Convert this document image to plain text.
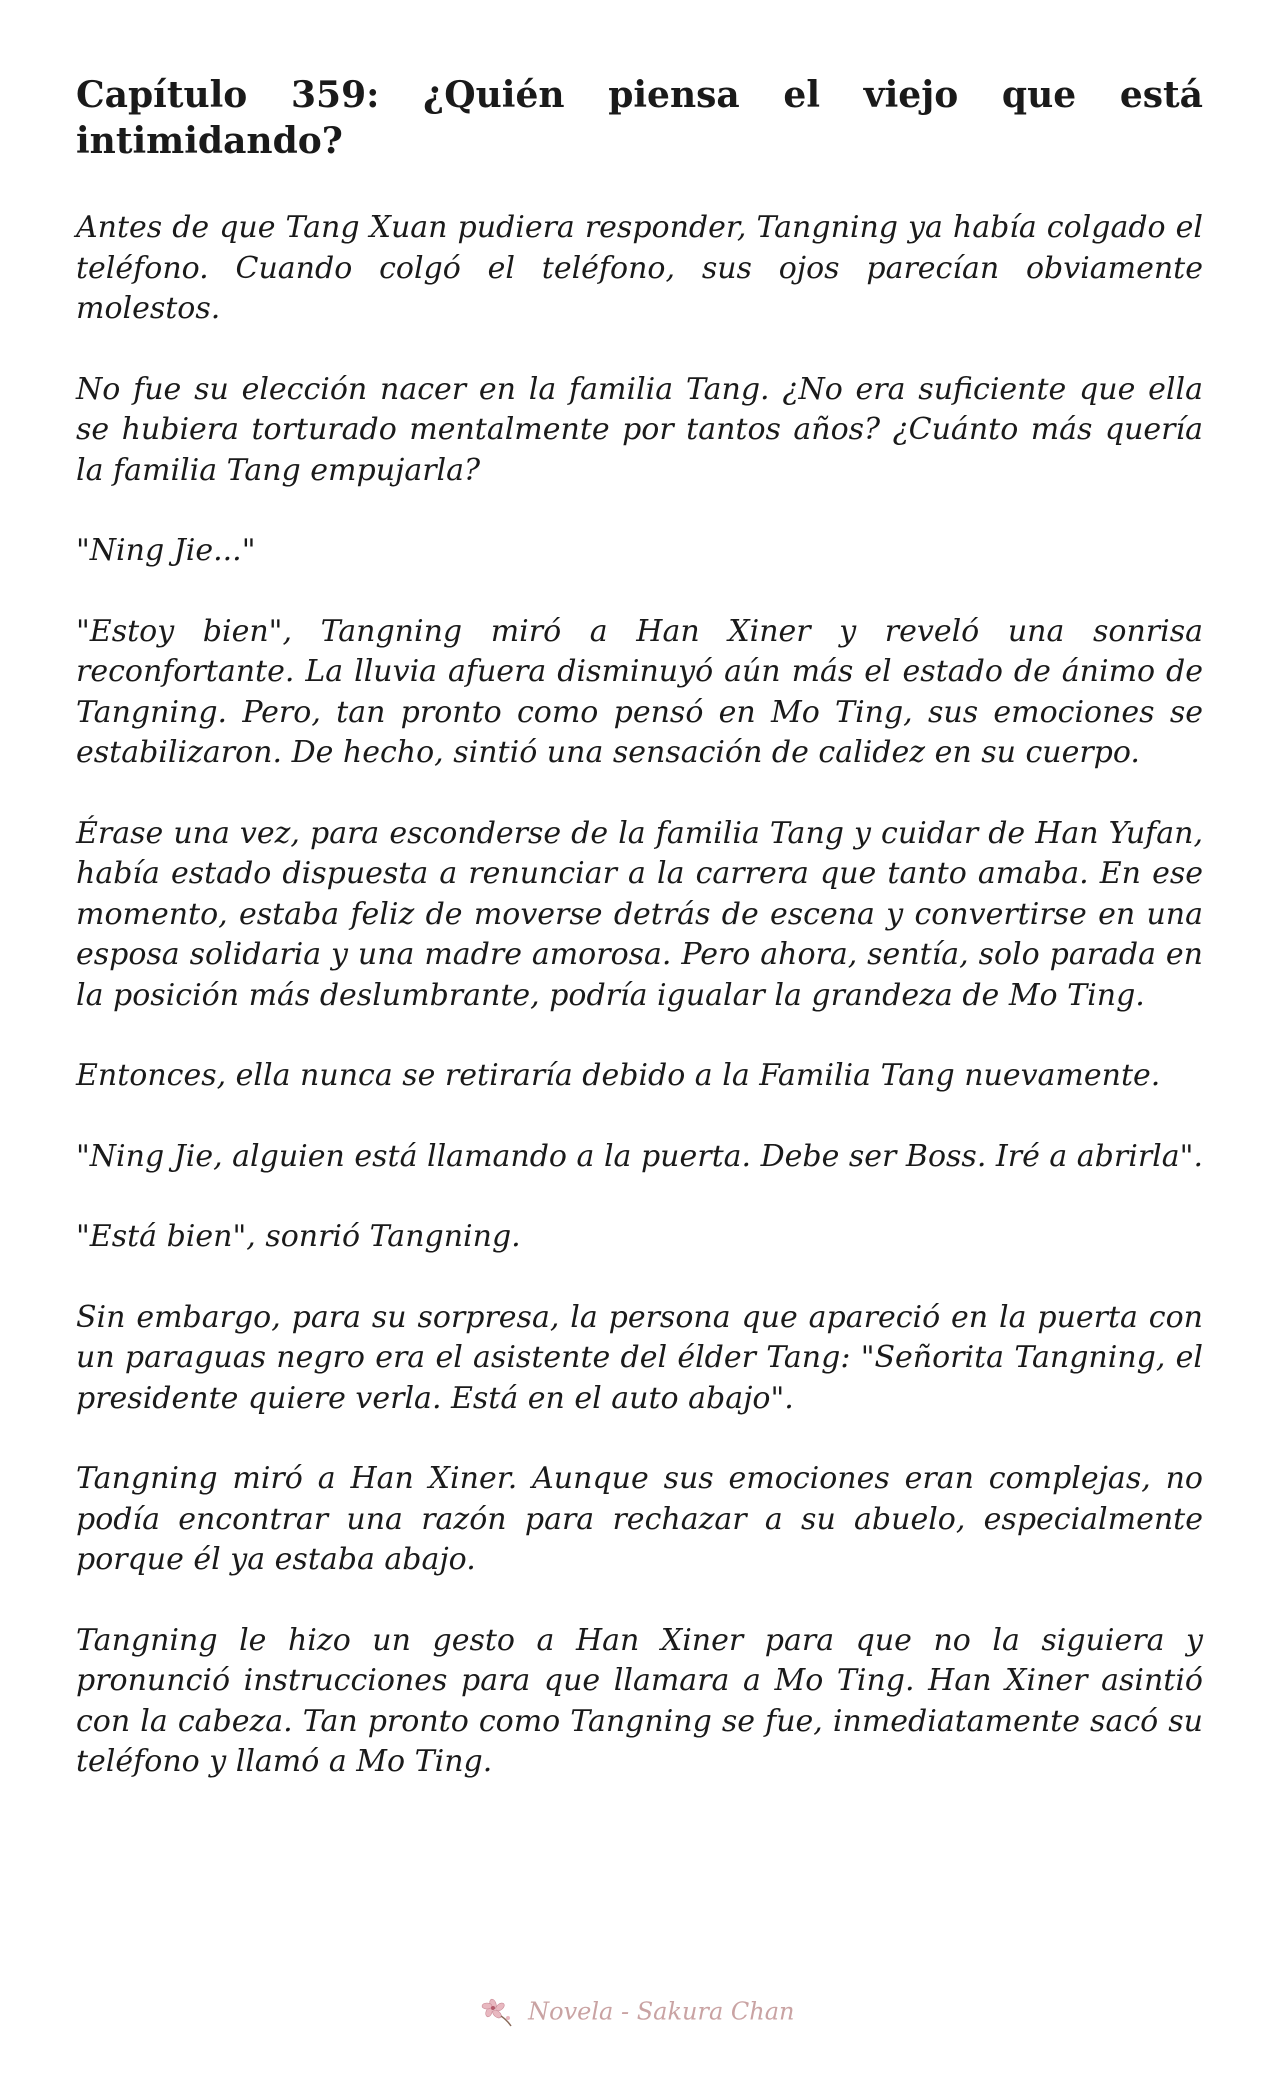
Capítulo 359: ¿Quién piensa el viejo que está intimidando?

Antes de que Tang Xuan pudiera responder, Tangning ya había colgado el teléfono. Cuando colgó el teléfono, sus ojos parecían obviamente molestos.

No fue su elección nacer en la familia Tang. ¿No era suficiente que ella se hubiera torturado mentalmente por tantos años? ¿Cuánto más quería la familia Tang empujarla?

"Ning Jie..."

"Estoy bien", Tangning miró a Han Xiner y reveló una sonrisa reconfortante. La lluvia afuera disminuyó aún más el estado de ánimo de Tangning. Pero, tan pronto como pensó en Mo Ting, sus emociones se estabilizaron. De hecho, sintió una sensación de calidez en su cuerpo.

Érase una vez, para esconderse de la familia Tang y cuidar de Han Yufan, había estado dispuesta a renunciar a la carrera que tanto amaba. En ese momento, estaba feliz de moverse detrás de escena y convertirse en una esposa solidaria y una madre amorosa. Pero ahora, sentía, solo parada en la posición más deslumbrante, podría igualar la grandeza de Mo Ting.

Entonces, ella nunca se retiraría debido a la Familia Tang nuevamente.

"Ning Jie, alguien está llamando a la puerta. Debe ser Boss. Iré a abrirla".

"Está bien", sonrió Tangning.

Sin embargo, para su sorpresa, la persona que apareció en la puerta con un paraguas negro era el asistente del élder Tang: "Señorita Tangning, el presidente quiere verla. Está en el auto abajo".

Tangning miró a Han Xiner. Aunque sus emociones eran complejas, no podía encontrar una razón para rechazar a su abuelo, especialmente porque él ya estaba abajo.

Tangning le hizo un gesto a Han Xiner para que no la siguiera y pronunció instrucciones para que llamara a Mo Ting. Han Xiner asintió con la cabeza. Tan pronto como Tangning se fue, inmediatamente sacó su teléfono y llamó a Mo Ting.

Novela - Sakura Chan
